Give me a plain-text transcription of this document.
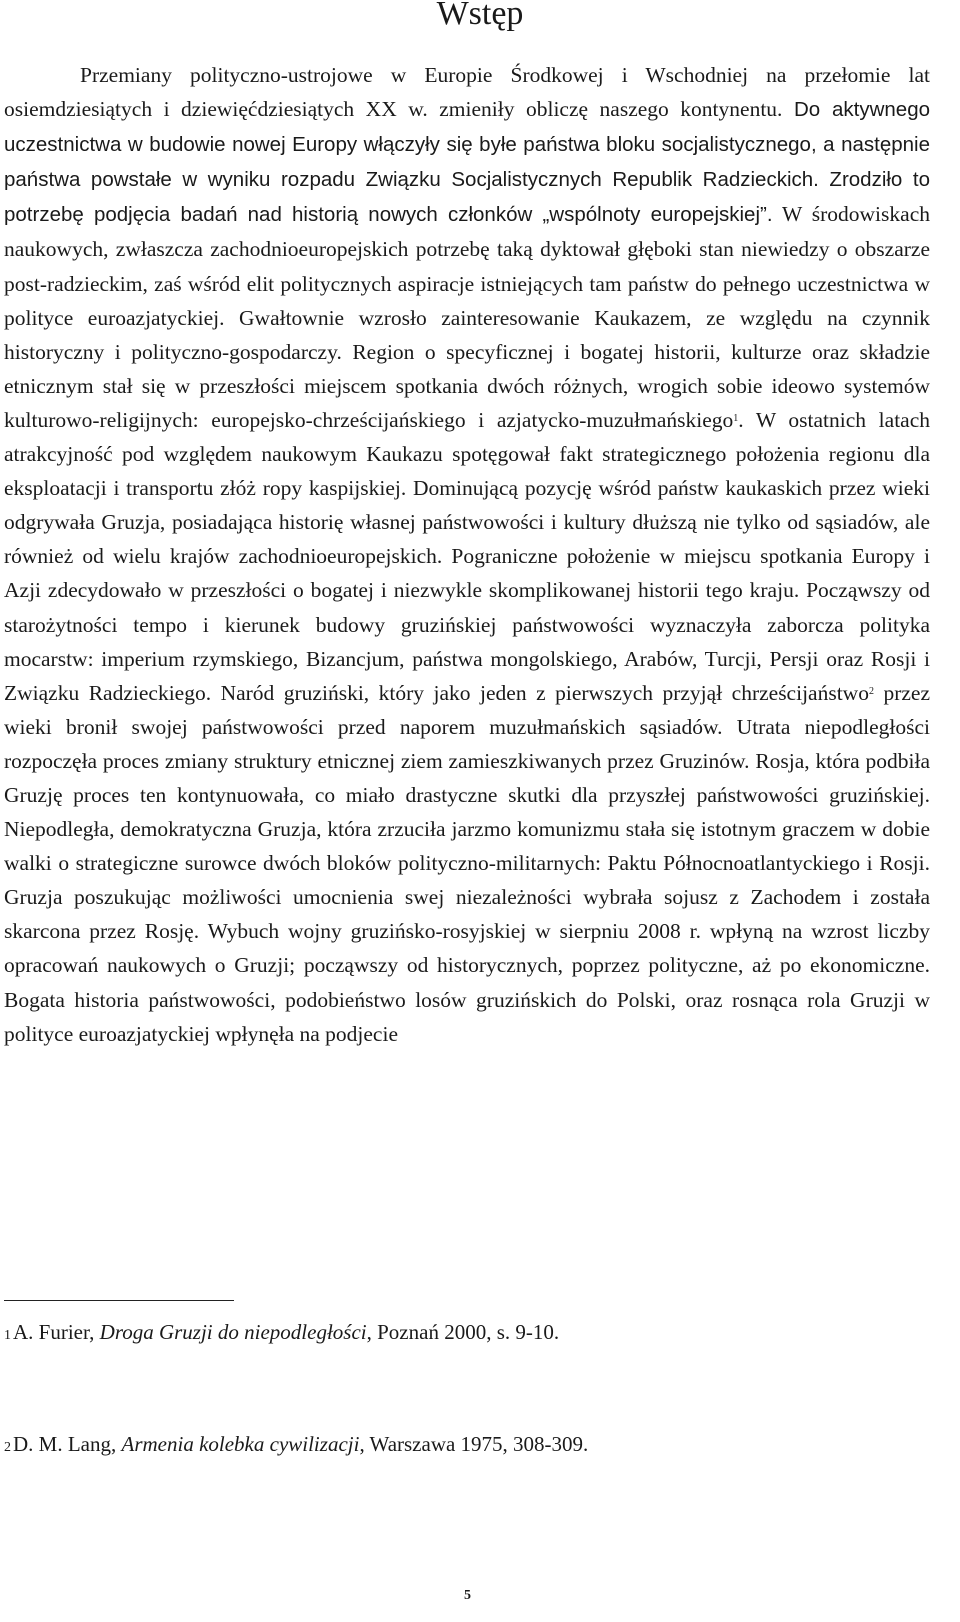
Wstęp

Przemiany polityczno-ustrojowe w Europie Środkowej i Wschodniej na przełomie lat osiemdziesiątych i dziewięćdziesiątych XX w. zmieniły obliczę naszego kontynentu. Do aktywnego uczestnictwa w budowie nowej Europy włączyły się byłe państwa bloku socjalistycznego, a następnie państwa powstałe w wyniku rozpadu Związku Socjalistycznych Republik Radzieckich. Zrodziło to potrzebę podjęcia badań nad historią nowych członków „wspólnoty europejskiej”. W środowiskach naukowych, zwłaszcza zachodnioeuropejskich potrzebę taką dyktował głęboki stan niewiedzy o obszarze post-radzieckim, zaś wśród elit politycznych aspiracje istniejących tam państw do pełnego uczestnictwa w polityce euroazjatyckiej. Gwałtownie wzrosło zainteresowanie Kaukazem, ze względu na czynnik historyczny i polityczno-gospodarczy. Region o specyficznej i bogatej historii, kulturze oraz składzie etnicznym stał się w przeszłości miejscem spotkania dwóch różnych, wrogich sobie ideowo systemów kulturowo-religijnych: europejsko-chrześcijańskiego i azjatycko-muzułmańskiego$^1$. W ostatnich latach atrakcyjność pod względem naukowym Kaukazu spotęgował fakt strategicznego położenia regionu dla eksploatacji i transportu złóż ropy kaspijskiej. Dominującą pozycję wśród państw kaukaskich przez wieki odgrywała Gruzja, posiadająca historię własnej państwowości i kultury dłuższą nie tylko od sąsiadów, ale również od wielu krajów zachodnioeuropejskich. Pograniczne położenie w miejscu spotkania Europy i Azji zdecydowało w przeszłości o bogatej i niezwykle skomplikowanej historii tego kraju. Począwszy od starożytności tempo i kierunek budowy gruzińskiej państwowości wyznaczyła zaborcza polityka mocarstw: imperium rzymskiego, Bizancjum, państwa mongolskiego, Arabów, Turcji, Persji oraz Rosji i Związku Radzieckiego. Naród gruziński, który jako jeden z pierwszych przyjął chrześcijaństwo$^2$ przez wieki bronił swojej państwowości przed naporem muzułmańskich sąsiadów. Utrata niepodległości rozpoczęła proces zmiany struktury etnicznej ziem zamieszkiwanych przez Gruzinów. Rosja, która podbiła Gruzję proces ten kontynuowała, co miało drastyczne skutki dla przyszłej państwowości gruzińskiej. Niepodległa, demokratyczna Gruzja, która zrzuciła jarzmo komunizmu stała się istotnym graczem w dobie walki o strategiczne surowce dwóch bloków polityczno-militarnych: Paktu Północnoatlantyckiego i Rosji. Gruzja poszukując możliwości umocnienia swej niezależności wybrała sojusz z Zachodem i została skarcona przez Rosję. Wybuch wojny gruzińsko-rosyjskiej w sierpniu 2008 r. wpłyną na wzrost liczby opracowań naukowych o Gruzji; począwszy od historycznych, poprzez polityczne, aż po ekonomiczne. Bogata historia państwowości, podobieństwo losów gruzińskich do Polski, oraz rosnąca rola Gruzji w polityce euroazjatyckiej wpłynęła na podjecie

1A. Furier, Droga Gruzji do niepodległości, Poznań 2000, s. 9-10.

2D. M. Lang, Armenia kolebka cywilizacji, Warszawa 1975, 308-309.

5
